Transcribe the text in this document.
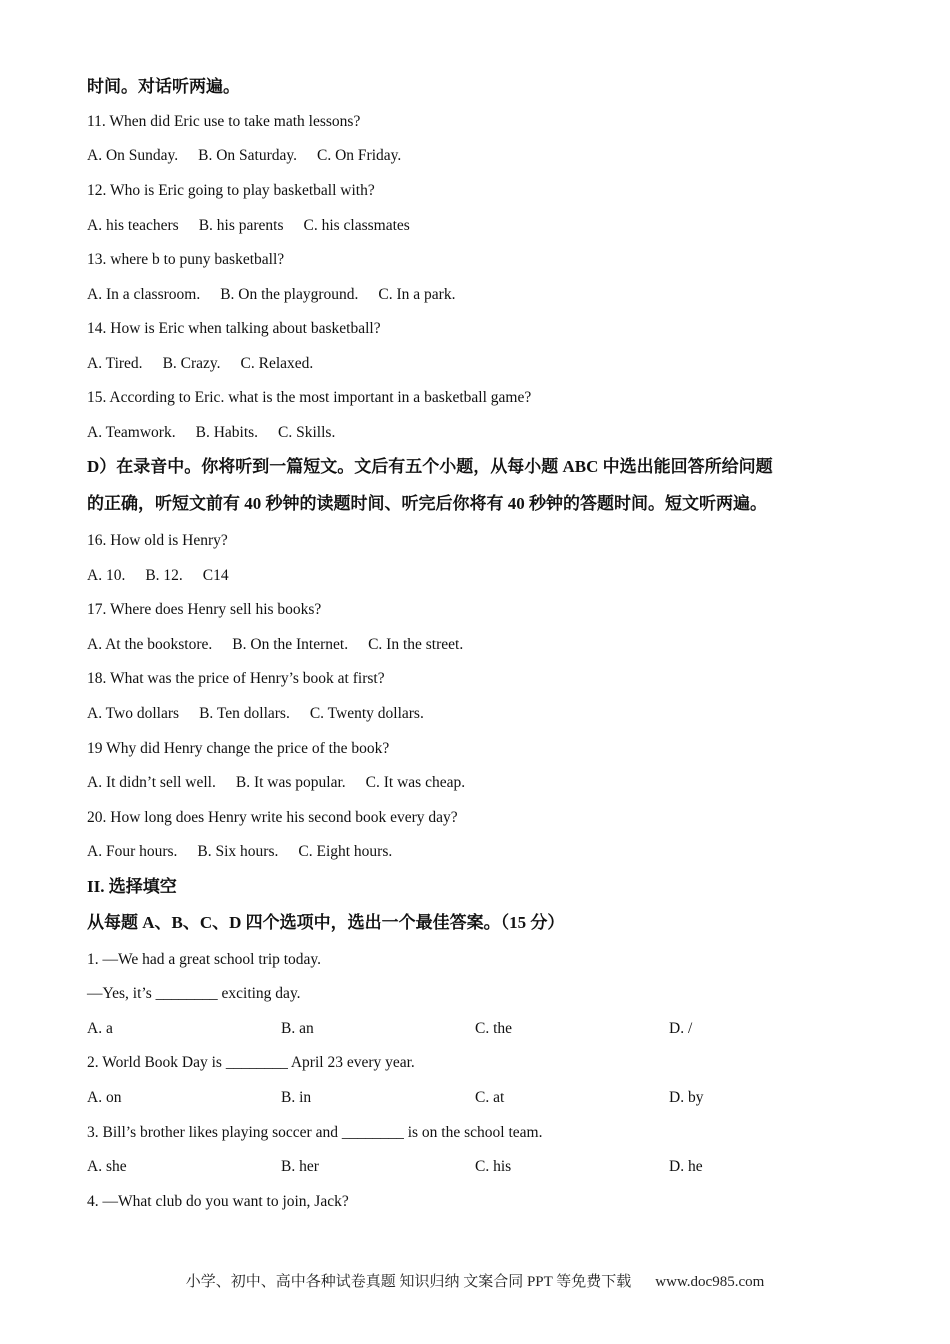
时间。对话听两遍。
11. When did Eric use to take math lessons?
A. On Sunday. B. On Saturday. C. On Friday.
12. Who is Eric going to play basketball with?
A. his teachers B. his parents C. his classmates
13. where b to puny basketball?
A. In a classroom. B. On the playground. C. In a park.
14. How is Eric when talking about basketball?
A. Tired. B. Crazy. C. Relaxed.
15. According to Eric. what is the most important in a basketball game?
A. Teamwork. B. Habits. C. Skills.
D）在录音中。你将听到一篇短文。文后有五个小题，从每小题 ABC 中选出能回答所给问题
的正确，听短文前有 40 秒钟的读题时间、听完后你将有 40 秒钟的答题时间。短文听两遍。
16. How old is Henry?
A. 10. B. 12. C14
17. Where does Henry sell his books?
A. At the bookstore. B. On the Internet. C. In the street.
18. What was the price of Henry’s book at first?
A. Two dollars B. Ten dollars. C. Twenty dollars.
19 Why did Henry change the price of the book?
A. It didn’t sell well. B. It was popular. C. It was cheap.
20. How long does Henry write his second book every day?
A. Four hours. B. Six hours. C. Eight hours.
II. 选择填空
从每题 A、B、C、D 四个选项中，选出一个最佳答案。（15 分）
1. —We had a great school trip today.
—Yes, it’s ________ exciting day.
A. a	B. an	C. the	D. /
2. World Book Day is ________ April 23 every year.
A. on	B. in	C. at	D. by
3. Bill’s brother likes playing soccer and ________ is on the school team.
A. she	B. her	C. his	D. he
4. —What club do you want to join, Jack?
小学、初中、高中各种试卷真题 知识归纳 文案合同 PPT 等免费下载 www.doc985.com
